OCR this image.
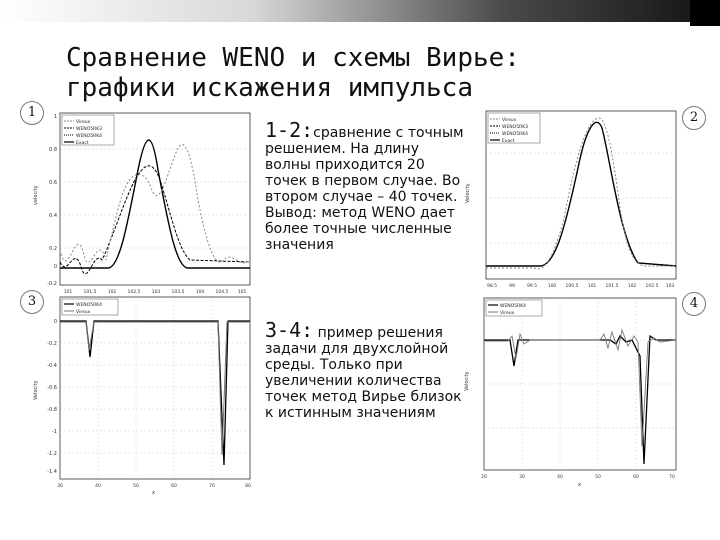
1	2
3	4
Сравнение WENO и схемы Вирье: графики искажения импульса
1-2:сравнение с точным решением. На длину волны приходится 20 точек в первом случае. Во втором случае – 40 точек. Вывод: метод WENO дает более точные численные значения
3-4: пример решения задачи для двухслойной среды. Только при увеличении количества точек метод Вирье близок к истинным значениям
1
0.8
0.6
0.4
0.2
0
-0.2
velocity
101	101.5	102	102.5	103	103.5	104	104.5 105
Vireux
WENO5RK3
WENO5RK4
Exact
Velocity
98.5	99	99.5 100 100.5 101 101.5 102 102.5 103
Vireux
WENO5RK3
WENO5RK4
Exact
0
-0.2
-0.4
-0.6
-0.8
-1
-1.2
-1.4
Velocity
30	40	50	60	70	80
x
WENO5RK4
Vireux
Velocity
20	30	40	50	60	70
x
WENO5RK4
Vireux
